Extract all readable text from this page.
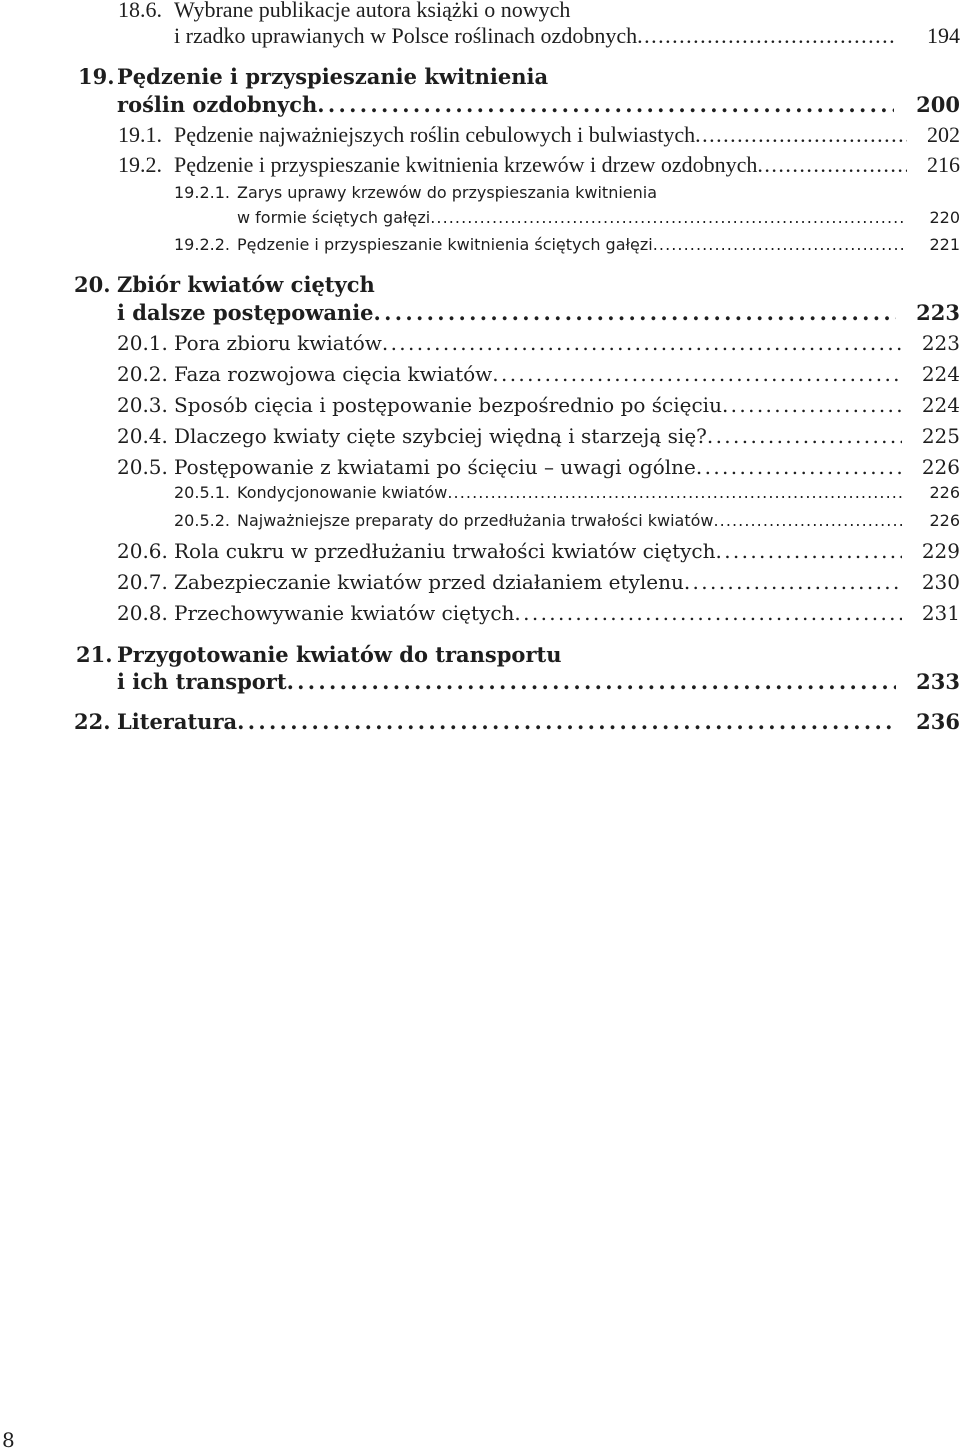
18.6. Wybrane publikacje autora książki o nowych
i rzadko uprawianych w Polsce roślinach ozdobnych . . .	194
19. Pędzenie i przyspieszanie kwitnienia
roślin ozdobnych . . .	200
19.1. Pędzenie najważniejszych roślin cebulowych i bulwiastych . . .	202
19.2. Pędzenie i przyspieszanie kwitnienia krzewów i drzew ozdobnych . . .	216
19.2.1. Zarys uprawy krzewów do przyspieszania kwitnienia
w formie ściętych gałęzi . . .	220
19.2.2. Pędzenie i przyspieszanie kwitnienia ściętych gałęzi . . .	221
20. Zbiór kwiatów ciętych
i dalsze postępowanie . . .	223
20.1. Pora zbioru kwiatów . . .	223
20.2. Faza rozwojowa cięcia kwiatów . . .	224
20.3. Sposób cięcia i postępowanie bezpośrednio po ścięciu . . .	224
20.4. Dlaczego kwiaty cięte szybciej więdną i starzeją się? . . .	225
20.5. Postępowanie z kwiatami po ścięciu – uwagi ogólne . . .	226
20.5.1. Kondycjonowanie kwiatów . . .	226
20.5.2. Najważniejsze preparaty do przedłużania trwałości kwiatów . . .	226
20.6. Rola cukru w przedłużaniu trwałości kwiatów ciętych . . .	229
20.7. Zabezpieczanie kwiatów przed działaniem etylenu . . .	230
20.8. Przechowywanie kwiatów ciętych . . .	231
21. Przygotowanie kwiatów do transportu
i ich transport . . .	233
22. Literatura . . .	236
8
